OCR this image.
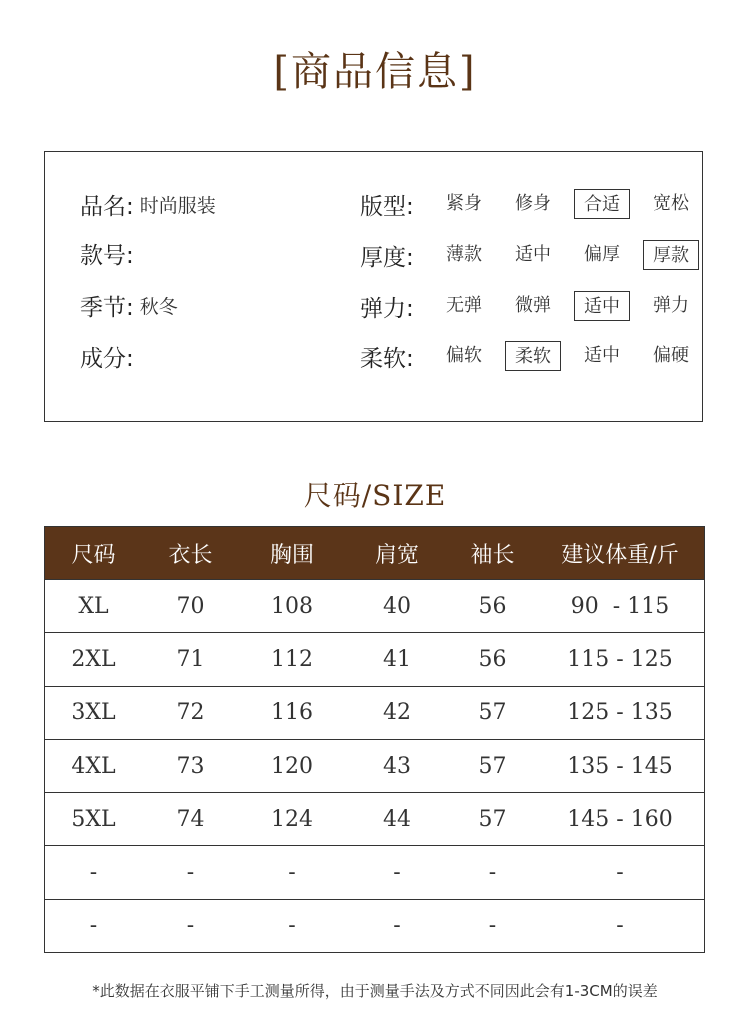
[商品信息]
品名: 时尚服装
款号:
季节: 秋冬
成分:
版型:	紧身	修身	合适	宽松
厚度:	薄款	适中	偏厚	厚款
弹力:	无弹	微弹	适中	弹力
柔软:	偏软	柔软	适中	偏硬
尺码/SIZE
尺码	衣长	胸围	肩宽	袖长	建议体重/斤
XL	70	108	40	56	90  - 115
2XL	71	112	41	56	115 - 125
3XL	72	116	42	57	125 - 135
4XL	73	120	43	57	135 - 145
5XL	74	124	44	57	145 - 160
-	-	-	-	-	-
-	-	-	-	-	-
*此数据在衣服平铺下手工测量所得，由于测量手法及方式不同因此会有1-3CM的误差
